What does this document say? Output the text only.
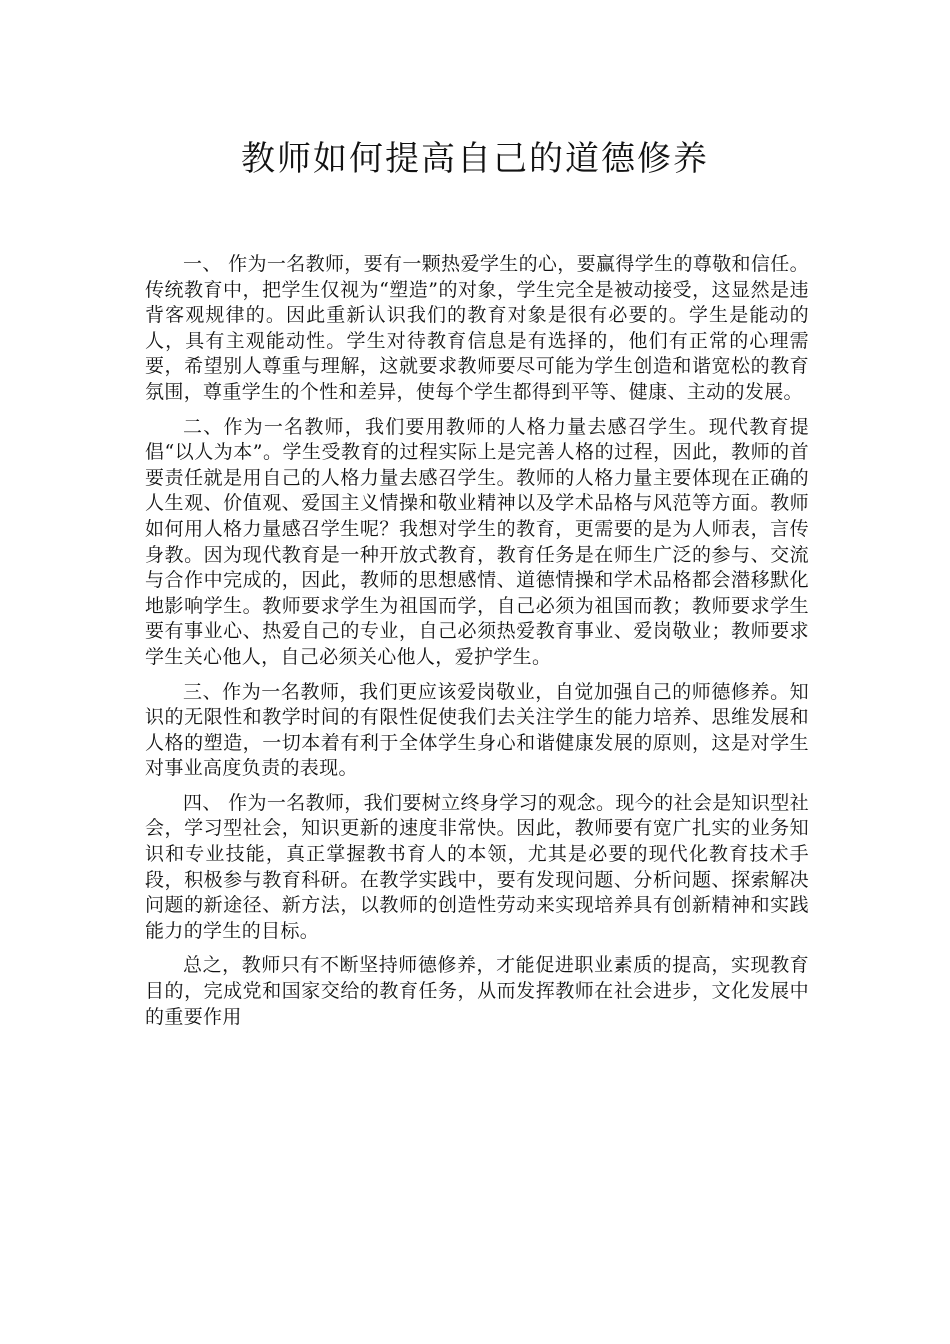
教师如何提高自己的道德修养

一、 作为一名教师，要有一颗热爱学生的心，要赢得学生的尊敬和信任。传统教育中，把学生仅视为“塑造”的对象，学生完全是被动接受，这显然是违背客观规律的。因此重新认识我们的教育对象是很有必要的。学生是能动的人，具有主观能动性。学生对待教育信息是有选择的，他们有正常的心理需要，希望别人尊重与理解，这就要求教师要尽可能为学生创造和谐宽松的教育氛围，尊重学生的个性和差异，使每个学生都得到平等、健康、主动的发展。

二、作为一名教师，我们要用教师的人格力量去感召学生。现代教育提倡“以人为本”。学生受教育的过程实际上是完善人格的过程，因此，教师的首要责任就是用自己的人格力量去感召学生。教师的人格力量主要体现在正确的人生观、价值观、爱国主义情操和敬业精神以及学术品格与风范等方面。教师如何用人格力量感召学生呢？我想对学生的教育，更需要的是为人师表，言传身教。因为现代教育是一种开放式教育，教育任务是在师生广泛的参与、交流与合作中完成的，因此，教师的思想感情、道德情操和学术品格都会潜移默化地影响学生。教师要求学生为祖国而学，自己必须为祖国而教；教师要求学生要有事业心、热爱自己的专业，自己必须热爱教育事业、爱岗敬业；教师要求学生关心他人，自己必须关心他人，爱护学生。

三、作为一名教师，我们更应该爱岗敬业，自觉加强自己的师德修养。知识的无限性和教学时间的有限性促使我们去关注学生的能力培养、思维发展和人格的塑造，一切本着有利于全体学生身心和谐健康发展的原则，这是对学生对事业高度负责的表现。

四、 作为一名教师，我们要树立终身学习的观念。现今的社会是知识型社会，学习型社会，知识更新的速度非常快。因此，教师要有宽广扎实的业务知识和专业技能，真正掌握教书育人的本领，尤其是必要的现代化教育技术手段，积极参与教育科研。在教学实践中，要有发现问题、分析问题、探索解决问题的新途径、新方法，以教师的创造性劳动来实现培养具有创新精神和实践能力的学生的目标。

总之，教师只有不断坚持师德修养，才能促进职业素质的提高，实现教育目的，完成党和国家交给的教育任务，从而发挥教师在社会进步，文化发展中的重要作用
